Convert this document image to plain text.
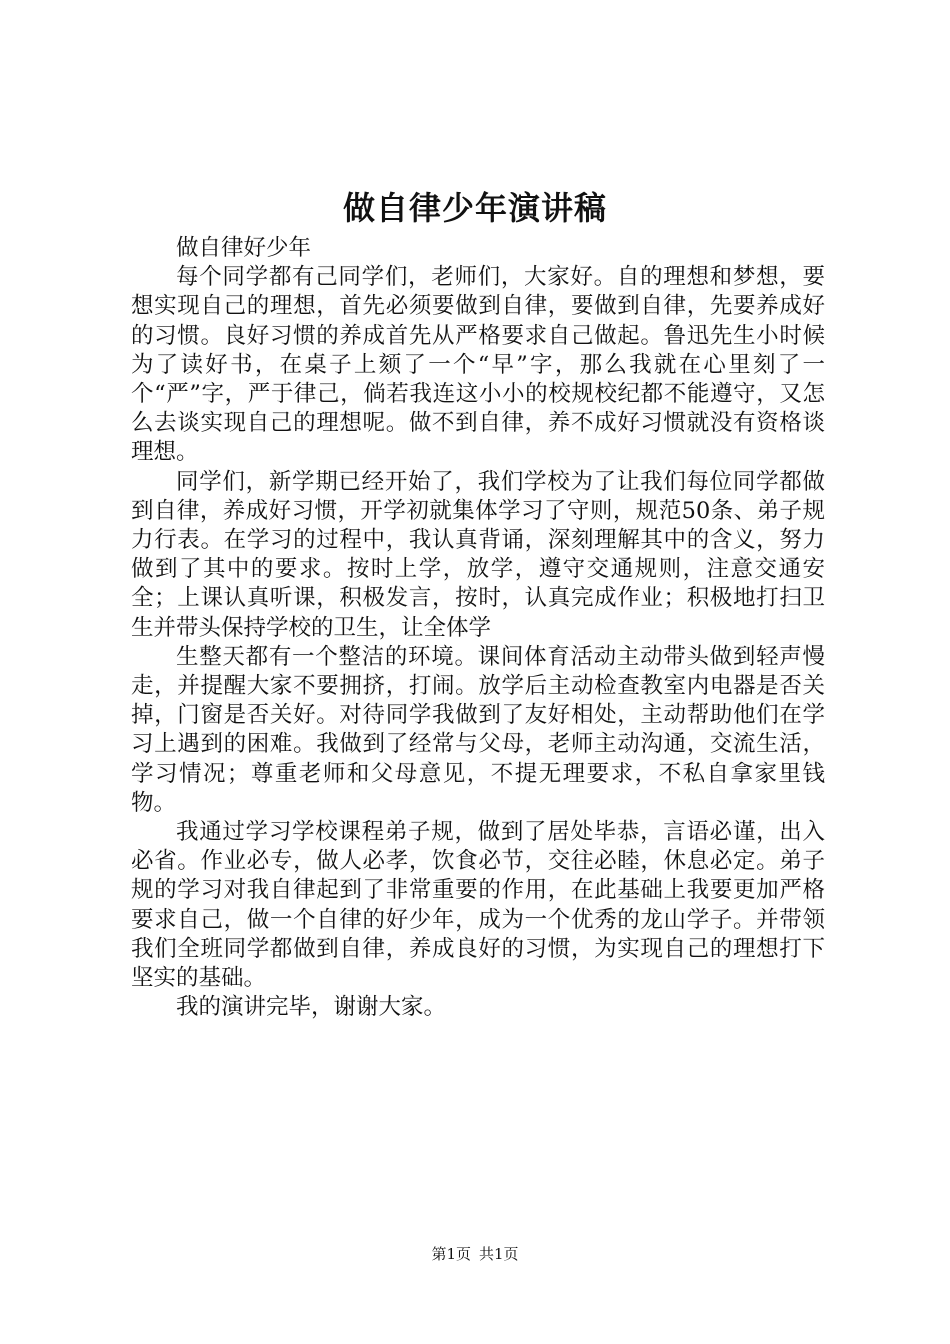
做自律少年演讲稿

做自律好少年

每个同学都有己同学们，老师们，大家好。自的理想和梦想，要想实现自己的理想，首先必须要做到自律，要做到自律，先要养成好的习惯。良好习惯的养成首先从严格要求自己做起。鲁迅先生小时候为了读好书，在桌子上颏了一个“早”字，那么我就在心里刻了一个“严”字，严于律己，倘若我连这小小的校规校纪都不能遵守，又怎么去谈实现自己的理想呢。做不到自律，养不成好习惯就没有资格谈理想。

同学们，新学期已经开始了，我们学校为了让我们每位同学都做到自律，养成好习惯，开学初就集体学习了守则，规范50条、弟子规力行表。在学习的过程中，我认真背诵，深刻理解其中的含义，努力做到了其中的要求。按时上学，放学，遵守交通规则，注意交通安全；上课认真听课，积极发言，按时，认真完成作业；积极地打扫卫生并带头保持学校的卫生，让全体学

生整天都有一个整洁的环境。课间体育活动主动带头做到轻声慢走，并提醒大家不要拥挤，打闹。放学后主动检查教室内电器是否关掉，门窗是否关好。对待同学我做到了友好相处，主动帮助他们在学习上遇到的困难。我做到了经常与父母，老师主动沟通，交流生活，学习情况；尊重老师和父母意见，不提无理要求，不私自拿家里钱物。

我通过学习学校课程弟子规，做到了居处毕恭，言语必谨，出入必省。作业必专，做人必孝，饮食必节，交往必睦，休息必定。弟子规的学习对我自律起到了非常重要的作用，在此基础上我要更加严格要求自己，做一个自律的好少年，成为一个优秀的龙山学子。并带领我们全班同学都做到自律，养成良好的习惯，为实现自己的理想打下坚实的基础。

我的演讲完毕，谢谢大家。

第1页 共1页
